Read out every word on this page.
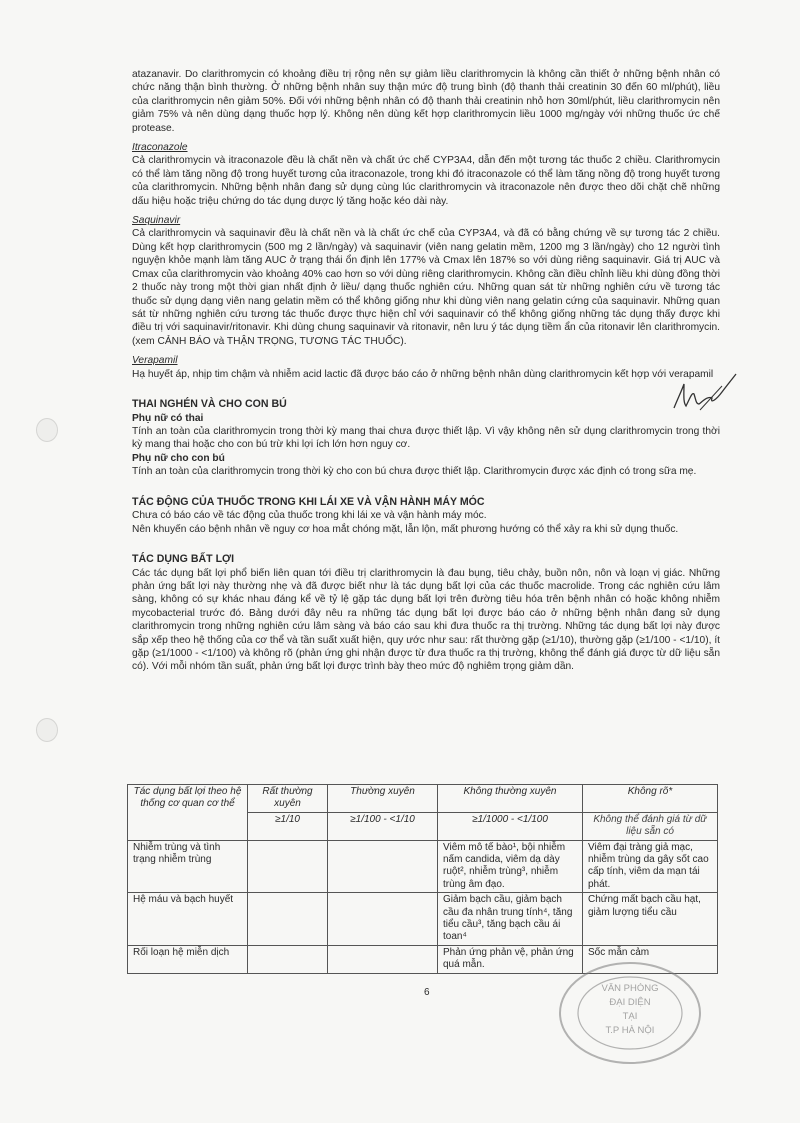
atazanavir. Do clarithromycin có khoảng điều trị rộng nên sự giảm liều clarithromycin là không cần thiết ở những bệnh nhân có chức năng thận bình thường. Ở những bệnh nhân suy thận mức độ trung bình (độ thanh thải creatinin 30 đến 60 ml/phút), liều của clarithromycin nên giảm 50%. Đối với những bệnh nhân có độ thanh thải creatinin nhỏ hơn 30ml/phút, liều clarithromycin nên giảm 75% và nên dùng dạng thuốc hợp lý. Không nên dùng kết hợp clarithromycin liều 1000 mg/ngày với những thuốc ức chế protease.

Itraconazole

Cả clarithromycin và itraconazole đều là chất nền và chất ức chế CYP3A4, dẫn đến một tương tác thuốc 2 chiều. Clarithromycin có thể làm tăng nồng độ trong huyết tương của itraconazole, trong khi đó itraconazole có thể làm tăng nồng độ trong huyết tương của clarithromycin. Những bệnh nhân đang sử dụng cùng lúc clarithromycin và itraconazole nên được theo dõi chặt chẽ những dấu hiệu hoặc triệu chứng do tác dụng dược lý tăng hoặc kéo dài này.

Saquinavir

Cả clarithromycin và saquinavir đều là chất nền và là chất ức chế của CYP3A4, và đã có bằng chứng về sự tương tác 2 chiều. Dùng kết hợp clarithromycin (500 mg 2 lần/ngày) và saquinavir (viên nang gelatin mềm, 1200 mg 3 lần/ngày) cho 12 người tình nguyện khỏe mạnh làm tăng AUC ở trạng thái ổn định lên 177% và Cmax lên 187% so với dùng riêng saquinavir. Giá trị AUC và Cmax của clarithromycin vào khoảng 40% cao hơn so với dùng riêng clarithromycin. Không cần điều chỉnh liều khi dùng đồng thời 2 thuốc này trong một thời gian nhất định ở liều/ dạng thuốc nghiên cứu. Những quan sát từ những nghiên cứu về tương tác thuốc sử dụng dạng viên nang gelatin mềm có thể không giống như khi dùng viên nang gelatin cứng của saquinavir. Những quan sát từ những nghiên cứu tương tác thuốc được thực hiện chỉ với saquinavir có thể không giống những tác dụng thấy được khi điều trị với saquinavir/ritonavir. Khi dùng chung saquinavir và ritonavir, nên lưu ý tác dụng tiềm ẩn của ritonavir lên clarithromycin. (xem CẢNH BÁO và THẬN TRỌNG, TƯƠNG TÁC THUỐC).

Verapamil

Hạ huyết áp, nhịp tim chậm và nhiễm acid lactic đã được báo cáo ở những bệnh nhân dùng clarithromycin kết hợp với verapamil

THAI NGHÉN VÀ CHO CON BÚ
Phụ nữ có thai

Tính an toàn của clarithromycin trong thời kỳ mang thai chưa được thiết lập. Vì vậy không nên sử dụng clarithromycin trong thời kỳ mang thai hoặc cho con bú trừ khi lợi ích lớn hơn nguy cơ.

Phụ nữ cho con bú

Tính an toàn của clarithromycin trong thời kỳ cho con bú chưa được thiết lập. Clarithromycin được xác định có trong sữa mẹ.

TÁC ĐỘNG CỦA THUỐC TRONG KHI LÁI XE VÀ VẬN HÀNH MÁY MÓC

Chưa có báo cáo về tác động của thuốc trong khi lái xe và vận hành máy móc.

Nên khuyến cáo bệnh nhân về nguy cơ hoa mắt chóng mặt, lẫn lộn, mất phương hướng có thể xảy ra khi sử dụng thuốc.

TÁC DỤNG BẤT LỢI

Các tác dụng bất lợi phổ biến liên quan tới điều trị clarithromycin là đau bụng, tiêu chảy, buồn nôn, nôn và loạn vị giác. Những phản ứng bất lợi này thường nhẹ và đã được biết như là tác dụng bất lợi của các thuốc macrolide. Trong các nghiên cứu lâm sàng, không có sự khác nhau đáng kể về tỷ lệ gặp tác dụng bất lợi trên đường tiêu hóa trên bệnh nhân có hoặc không nhiễm mycobacterial trước đó. Bảng dưới đây nêu ra những tác dụng bất lợi được báo cáo ở những bệnh nhân đang sử dụng clarithromycin trong những nghiên cứu lâm sàng và báo cáo sau khi đưa thuốc ra thị trường. Những tác dụng bất lợi này được sắp xếp theo hệ thống của cơ thể và tần suất xuất hiện, quy ước như sau: rất thường gặp (≥1/10), thường gặp (≥1/100 - <1/10), ít gặp (≥1/1000 - <1/100) và không rõ (phản ứng ghi nhận được từ đưa thuốc ra thị trường, không thể đánh giá được từ dữ liệu sẵn có). Với mỗi nhóm tần suất, phản ứng bất lợi được trình bày theo mức độ nghiêm trọng giảm dần.

Tác dụng bất lợi theo hệ thống cơ quan cơ thể	Rất thường xuyên	Thường xuyên	Không thường xuyên	Không rõ*
	≥1/10	≥1/100 - <1/10	≥1/1000 - <1/100	Không thể đánh giá từ dữ liệu sẵn có
Nhiễm trùng và tình trạng nhiễm trùng			Viêm mô tế bào¹, bội nhiễm nấm candida, viêm dạ dày ruột², nhiễm trùng³, nhiễm trùng âm đạo.	Viêm đại tràng giả mạc, nhiễm trùng da gây sốt cao cấp tính, viêm da mạn tái phát.
Hệ máu và bạch huyết			Giảm bạch cầu, giảm bạch cầu đa nhân trung tính⁴, tăng tiểu cầu³, tăng bạch cầu ái toan⁴	Chứng mất bạch cầu hạt, giảm lượng tiểu cầu
Rối loạn hệ miễn dịch			Phản ứng phản vệ, phản ứng quá mẫn.	Sốc mẫn cảm
6	VĂN PHÒNG
ĐẠI DIỆN
TẠI
T.P HÀ NỘI
